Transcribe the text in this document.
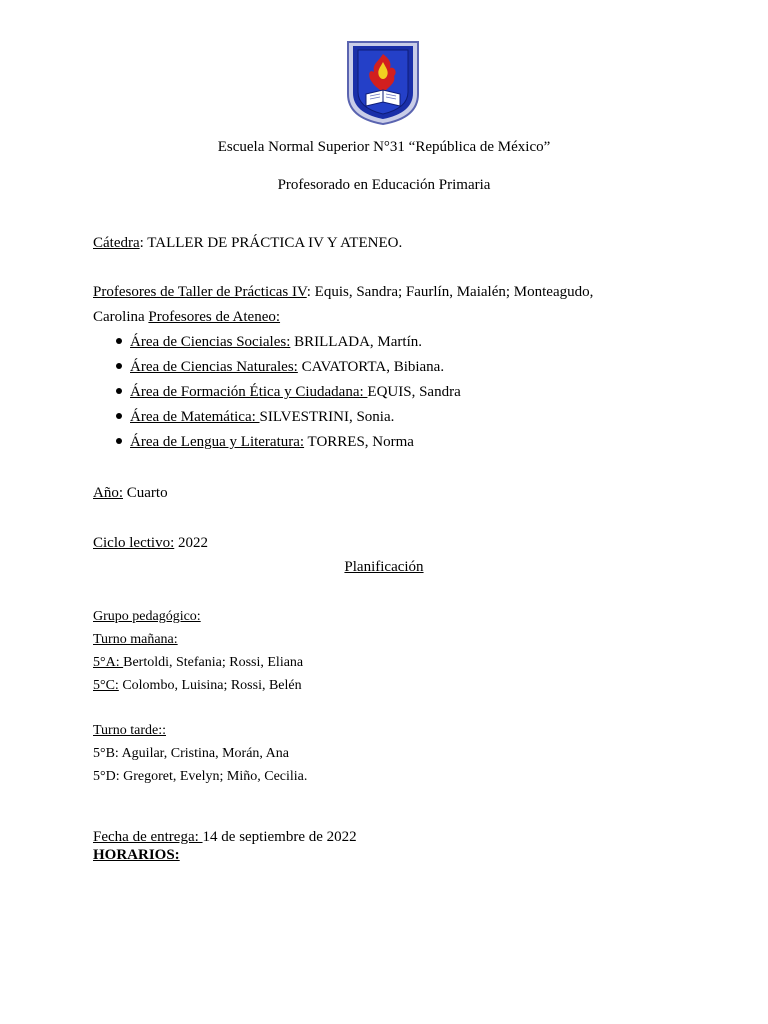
Escuela Normal Superior N°31 “República de México”
Profesorado en Educación Primaria
Cátedra: TALLER DE PRÁCTICA IV Y ATENEO.
Profesores de Taller de Prácticas IV: Equis, Sandra; Faurlín, Maialén; Monteagudo,
Carolina Profesores de Ateneo:
Área de Ciencias Sociales: BRILLADA, Martín.
Área de Ciencias Naturales: CAVATORTA, Bibiana.
Área de Formación Ética y Ciudadana: EQUIS, Sandra
Área de Matemática: SILVESTRINI, Sonia.
Área de Lengua y Literatura: TORRES, Norma
Año: Cuarto
Ciclo lectivo: 2022
Planificación
Grupo pedagógico:
Turno mañana:
5°A: Bertoldi, Stefania; Rossi, Eliana
5°C: Colombo, Luisina; Rossi, Belén
Turno tarde::
5°B: Aguilar, Cristina, Morán, Ana
5°D: Gregoret, Evelyn; Miño, Cecilia.
Fecha de entrega: 14 de septiembre de 2022
HORARIOS:
